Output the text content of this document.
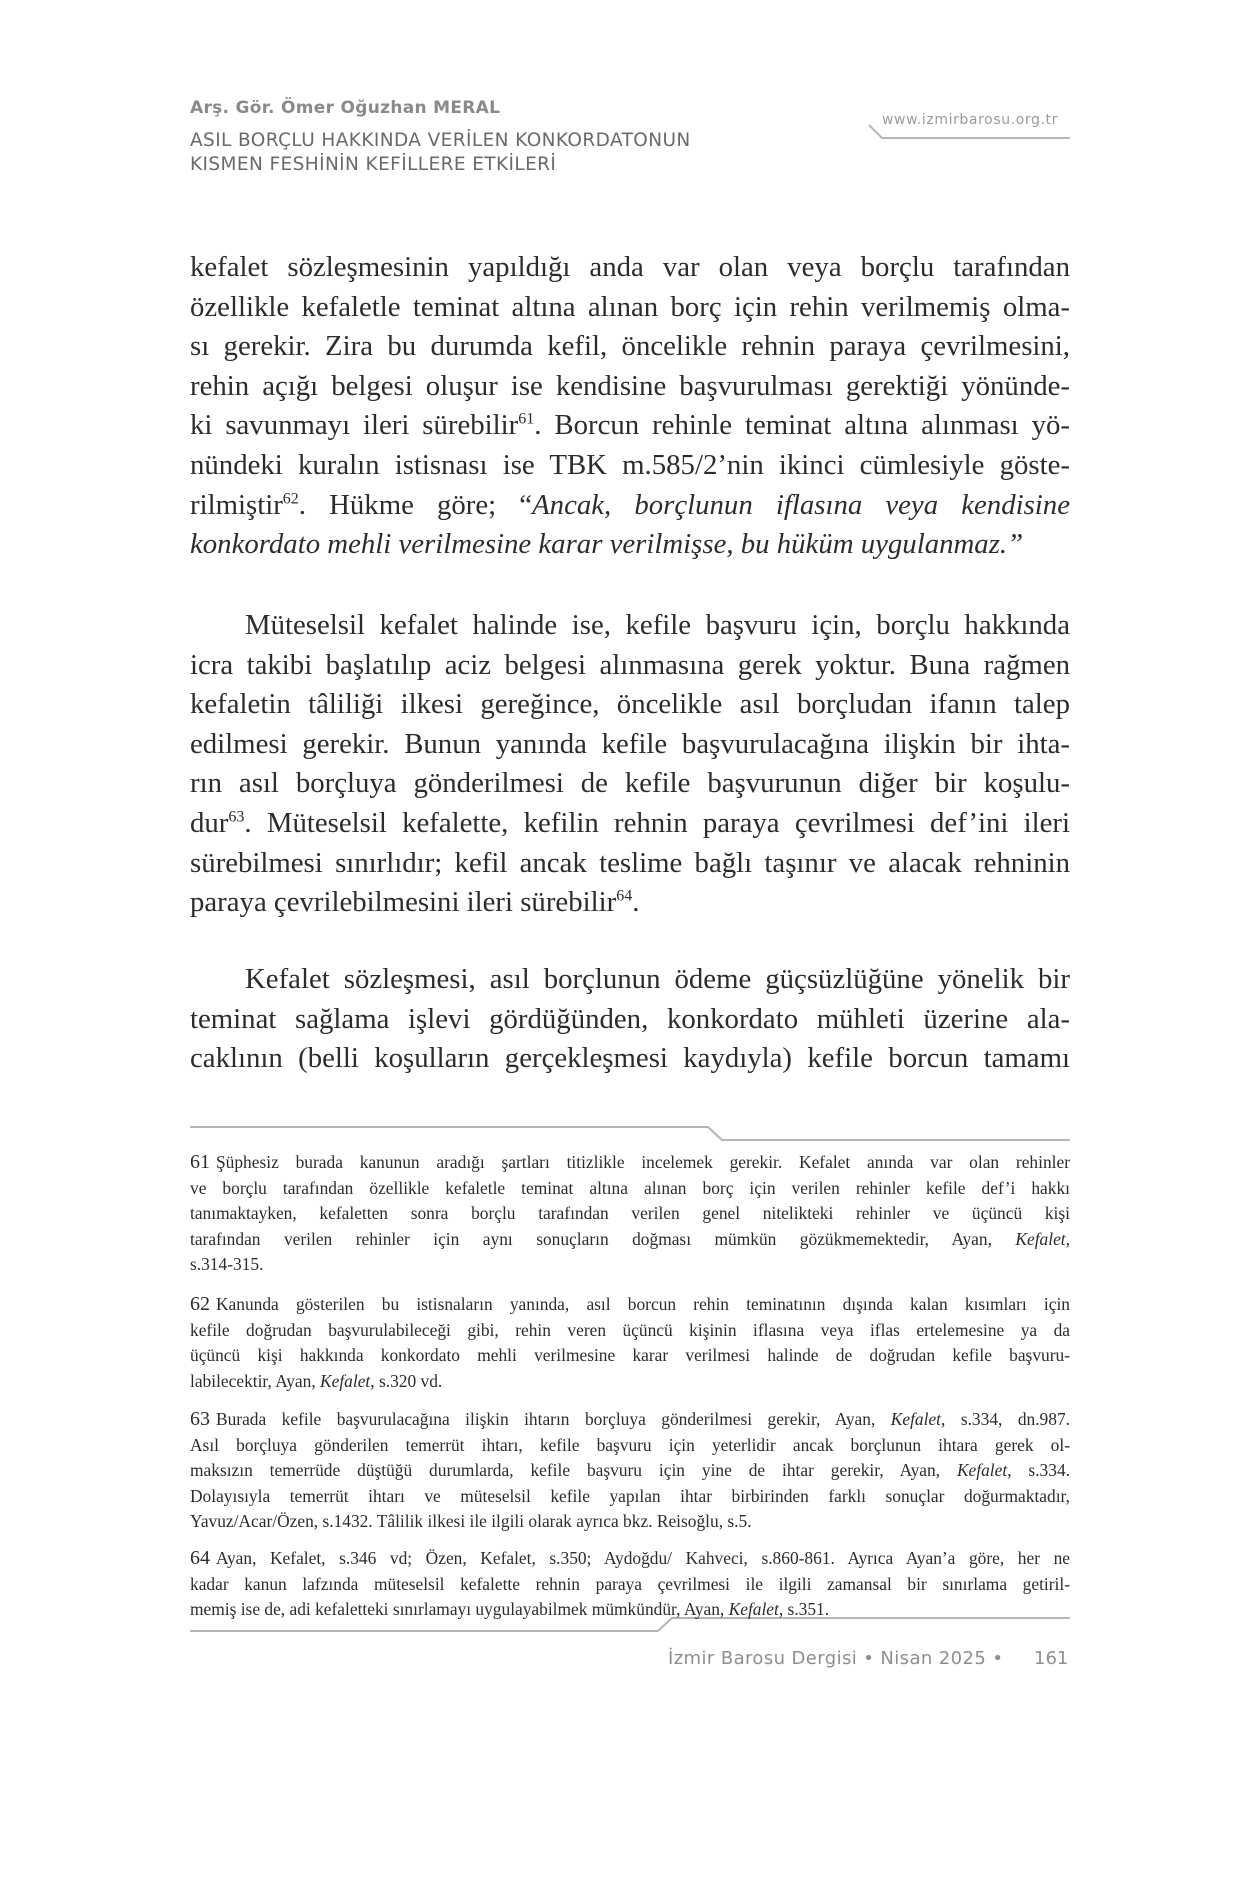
Arş. Gör. Ömer Oğuzhan MERAL
ASIL BORÇLU HAKKINDA VERİLEN KONKORDATONUN
KISMEN FESHİNİN KEFİLLERE ETKİLERİ
www.izmirbarosu.org.tr
kefalet sözleşmesinin yapıldığı anda var olan veya borçlu tarafından
özellikle kefaletle teminat altına alınan borç için rehin verilmemiş olma-
sı gerekir. Zira bu durumda kefil, öncelikle rehnin paraya çevrilmesini,
rehin açığı belgesi oluşur ise kendisine başvurulması gerektiği yönünde-
ki savunmayı ileri sürebilir$^{61}$. Borcun rehinle teminat altına alınması yö-
nündeki kuralın istisnası ise TBK m.585/2’nin ikinci cümlesiyle göste-
rilmiştir$^{62}$. Hükme göre; “Ancak, borçlunun iflasına veya kendisine
konkordato mehli verilmesine karar verilmişse, bu hüküm uygulanmaz.”
Müteselsil kefalet halinde ise, kefile başvuru için, borçlu hakkında
icra takibi başlatılıp aciz belgesi alınmasına gerek yoktur. Buna rağmen
kefaletin tâliliği ilkesi gereğince, öncelikle asıl borçludan ifanın talep
edilmesi gerekir. Bunun yanında kefile başvurulacağına ilişkin bir ihta-
rın asıl borçluya gönderilmesi de kefile başvurunun diğer bir koşulu-
dur$^{63}$. Müteselsil kefalette, kefilin rehnin paraya çevrilmesi def’ini ileri
sürebilmesi sınırlıdır; kefil ancak teslime bağlı taşınır ve alacak rehninin
paraya çevrilebilmesini ileri sürebilir$^{64}$.
Kefalet sözleşmesi, asıl borçlunun ödeme güçsüzlüğüne yönelik bir
teminat sağlama işlevi gördüğünden, konkordato mühleti üzerine ala-
caklının (belli koşulların gerçekleşmesi kaydıyla) kefile borcun tamamı
61 Şüphesiz burada kanunun aradığı şartları titizlikle incelemek gerekir. Kefalet anında var olan rehinler
ve borçlu tarafından özellikle kefaletle teminat altına alınan borç için verilen rehinler kefile def’i hakkı
tanımaktayken, kefaletten sonra borçlu tarafından verilen genel nitelikteki rehinler ve üçüncü kişi
tarafından verilen rehinler için aynı sonuçların doğması mümkün gözükmemektedir, Ayan, Kefalet,
s.314-315.
62 Kanunda gösterilen bu istisnaların yanında, asıl borcun rehin teminatının dışında kalan kısımları için
kefile doğrudan başvurulabileceği gibi, rehin veren üçüncü kişinin iflasına veya iflas ertelemesine ya da
üçüncü kişi hakkında konkordato mehli verilmesine karar verilmesi halinde de doğrudan kefile başvuru-
labilecektir, Ayan, Kefalet, s.320 vd.
63 Burada kefile başvurulacağına ilişkin ihtarın borçluya gönderilmesi gerekir, Ayan, Kefalet, s.334, dn.987.
Asıl borçluya gönderilen temerrüt ihtarı, kefile başvuru için yeterlidir ancak borçlunun ihtara gerek ol-
maksızın temerrüde düştüğü durumlarda, kefile başvuru için yine de ihtar gerekir, Ayan, Kefalet, s.334.
Dolayısıyla temerrüt ihtarı ve müteselsil kefile yapılan ihtar birbirinden farklı sonuçlar doğurmaktadır,
Yavuz/Acar/Özen, s.1432. Tâlilik ilkesi ile ilgili olarak ayrıca bkz. Reisoğlu, s.5.
64 Ayan, Kefalet, s.346 vd; Özen, Kefalet, s.350; Aydoğdu/ Kahveci, s.860-861. Ayrıca Ayan’a göre, her ne
kadar kanun lafzında müteselsil kefalette rehnin paraya çevrilmesi ile ilgili zamansal bir sınırlama getiril-
memiş ise de, adi kefaletteki sınırlamayı uygulayabilmek mümkündür, Ayan, Kefalet, s.351.
İzmir Barosu Dergisi • Nisan 2025 • 161
